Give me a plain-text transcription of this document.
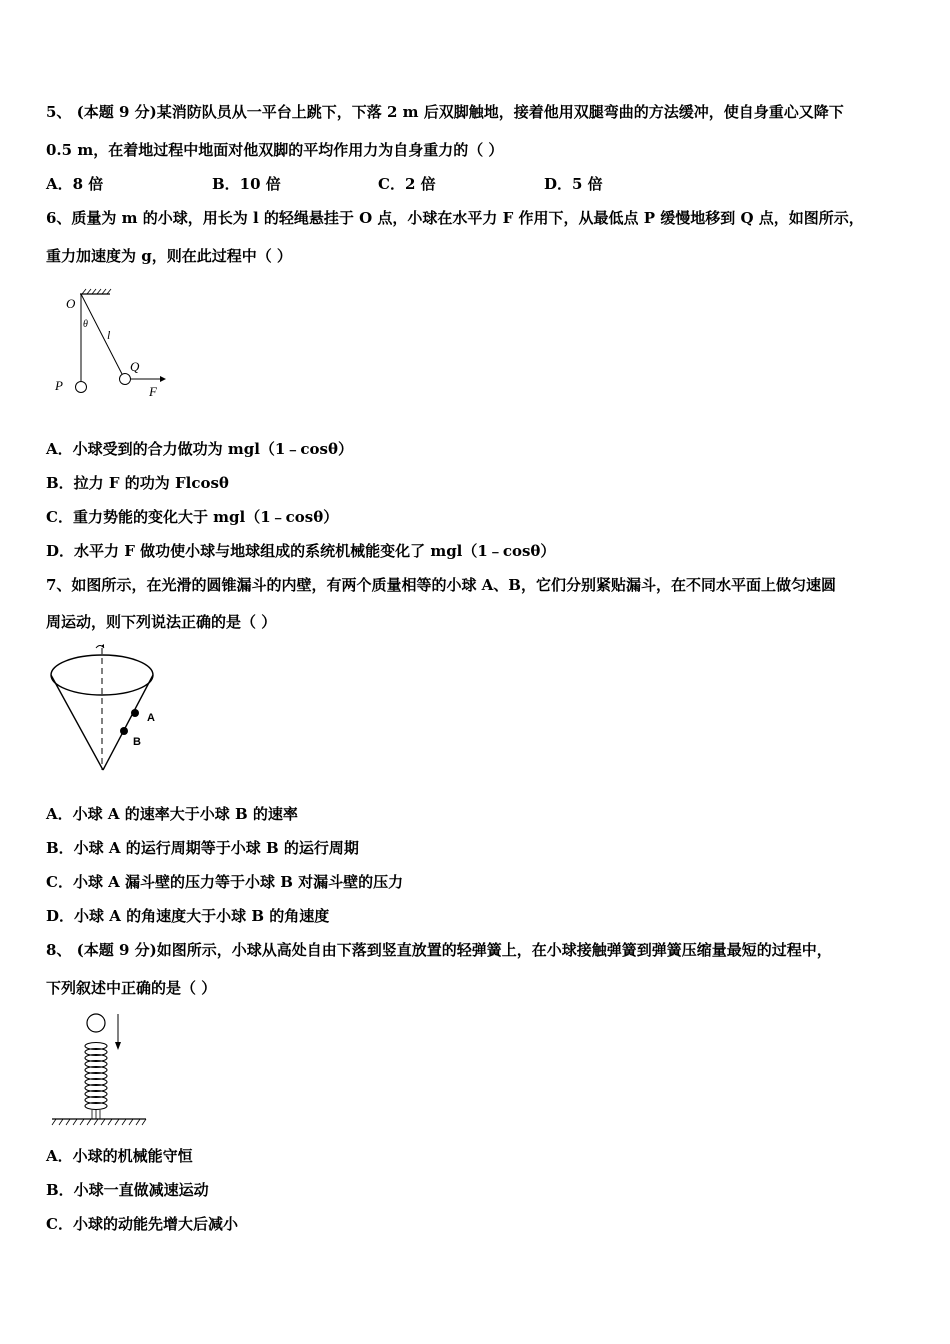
5、 (本题 9 分)某消防队员从一平台上跳下，下落 2 m 后双脚触地，接着他用双腿弯曲的方法缓冲，使自身重心又降下
0.5 m，在着地过程中地面对他双脚的平均作用力为自身重力的（ ）
A．8 倍	B．10 倍	C．2 倍	D．5 倍
6、质量为 m 的小球，用长为 l 的轻绳悬挂于 O 点，小球在水平力 F 作用下，从最低点 P 缓慢地移到 Q 点，如图所示，
重力加速度为 g，则在此过程中（ ）
O
θ
l
Q
P	F
A．小球受到的合力做功为 mgl（1﹣cosθ）
B．拉力 F 的功为 Flcosθ
C．重力势能的变化大于 mgl（1﹣cosθ）
D．水平力 F 做功使小球与地球组成的系统机械能变化了 mgl（1﹣cosθ）
7、如图所示，在光滑的圆锥漏斗的内壁，有两个质量相等的小球 A、B，它们分别紧贴漏斗，在不同水平面上做匀速圆
周运动，则下列说法正确的是（ ）
A
B
A．小球 A 的速率大于小球 B 的速率
B．小球 A 的运行周期等于小球 B 的运行周期
C．小球 A 漏斗壁的压力等于小球 B 对漏斗壁的压力
D．小球 A 的角速度大于小球 B 的角速度
8、 (本题 9 分)如图所示，小球从高处自由下落到竖直放置的轻弹簧上，在小球接触弹簧到弹簧压缩量最短的过程中，
下列叙述中正确的是（ ）
A．小球的机械能守恒
B．小球一直做减速运动
C．小球的动能先增大后减小
